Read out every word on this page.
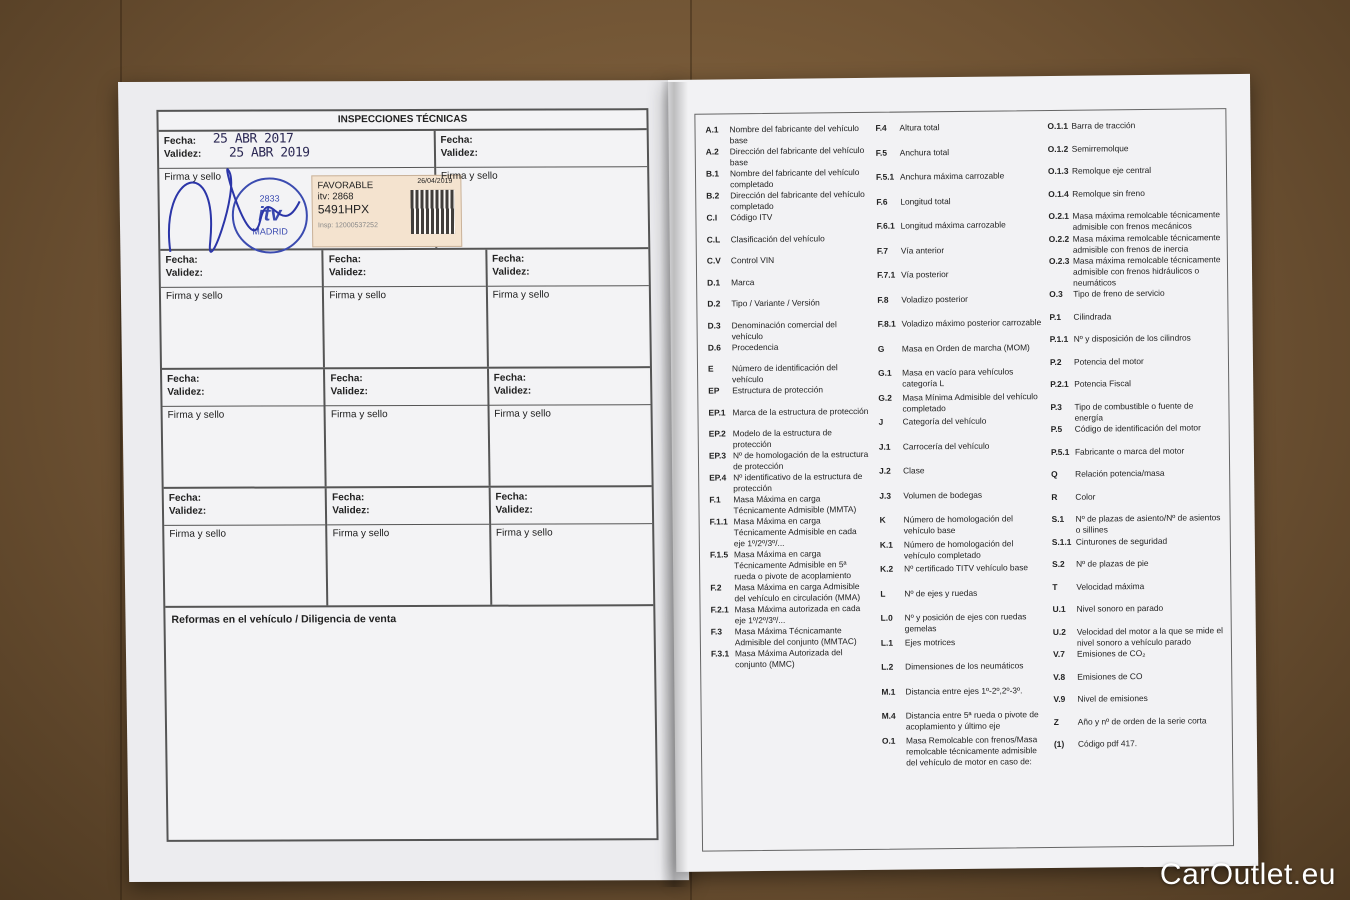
INSPECCIONES TÉCNICAS
Fecha:
Validez:
Firma y sello
25 ABR 2017
25 ABR 2019
2833
itv
MADRID
FAVORABLE
itv: 2868
5491HPX
26/04/2019
Insp: 12000537252
Fecha:
Validez:
Firma y sello
Fecha:
Validez:
Firma y sello
Fecha:
Validez:
Firma y sello
Fecha:
Validez:
Firma y sello
Fecha:
Validez:
Firma y sello
Fecha:
Validez:
Firma y sello
Fecha:
Validez:
Firma y sello
Fecha:
Validez:
Firma y sello
Fecha:
Validez:
Firma y sello
Fecha:
Validez:
Firma y sello
Reformas en el vehículo / Diligencia de venta
A.1 Nombre del fabricante del vehículo base
A.2 Dirección del fabricante del vehículo base
B.1 Nombre del fabricante del vehículo completado
B.2 Dirección del fabricante del vehículo completado
C.I Código ITV
C.L Clasificación del vehículo
C.V Control VIN
D.1 Marca
D.2 Tipo / Variante / Versión
D.3 Denominación comercial del vehículo
D.6 Procedencia
E Número de identificación del vehículo
EP Estructura de protección
EP.1 Marca de la estructura de protección
EP.2 Modelo de la estructura de protección
EP.3 Nº de homologación de la estructura de protección
EP.4 Nº identificativo de la estructura de protección
F.1 Masa Máxima en carga Técnicamente Admisible (MMTA)
F.1.1 Masa Máxima en carga Técnicamente Admisible en cada eje 1º/2º/3º/...
F.1.5 Masa Máxima en carga Técnicamente Admisible en 5ª rueda o pivote de acoplamiento
F.2 Masa Máxima en carga Admisible del vehículo en circulación (MMA)
F.2.1 Masa Máxima autorizada en cada eje 1º/2º/3º/...
F.3 Masa Máxima Técnicamante Admisible del conjunto (MMTAC)
F.3.1 Masa Máxima Autorizada del conjunto (MMC)
F.4 Altura total
F.5 Anchura total
F.5.1 Anchura máxima carrozable
F.6 Longitud total
F.6.1 Longitud máxima carrozable
F.7 Vía anterior
F.7.1 Vía posterior
F.8 Voladizo posterior
F.8.1 Voladizo máximo posterior carrozable
G Masa en Orden de marcha (MOM)
G.1 Masa en vacío para vehículos categoría L
G.2 Masa Mínima Admisible del vehículo completado
J Categoría del vehículo
J.1 Carrocería del vehículo
J.2 Clase
J.3 Volumen de bodegas
K Número de homologación del vehículo base
K.1 Número de homologación del vehículo completado
K.2 Nº certificado TITV vehículo base
L Nº de ejes y ruedas
L.0 Nº y posición de ejes con ruedas gemelas
L.1 Ejes motrices
L.2 Dimensiones de los neumáticos
M.1 Distancia entre ejes 1º-2º,2º-3º.
M.4 Distancia entre 5ª rueda o pivote de acoplamiento y último eje
O.1 Masa Remolcable con frenos/Masa remolcable técnicamente admisible del vehículo de motor en caso de:
O.1.1 Barra de tracción
O.1.2 Semirremolque
O.1.3 Remolque eje central
O.1.4 Remolque sin freno
O.2.1 Masa máxima remolcable técnicamente admisible con frenos mecánicos
O.2.2 Masa máxima remolcable técnicamente admisible con frenos de inercia
O.2.3 Masa máxima remolcable técnicamente admisible con frenos hidráulicos o neumáticos
O.3 Tipo de freno de servicio
P.1 Cilindrada
P.1.1 Nº y disposición de los cilindros
P.2 Potencia del motor
P.2.1 Potencia Fiscal
P.3 Tipo de combustible o fuente de energía
P.5 Código de identificación del motor
P.5.1 Fabricante o marca del motor
Q Relación potencia/masa
R Color
S.1 Nº de plazas de asiento/Nº de asientos o sillines
S.1.1 Cinturones de seguridad
S.2 Nº de plazas de pie
T Velocidad máxima
U.1 Nivel sonoro en parado
U.2 Velocidad del motor a la que se mide el nivel sonoro a vehículo parado
V.7 Emisiones de CO₂
V.8 Emisiones de CO
V.9 Nivel de emisiones
Z Año y nº de orden de la serie corta
(1) Código pdf 417.
CarOutlet.eu
